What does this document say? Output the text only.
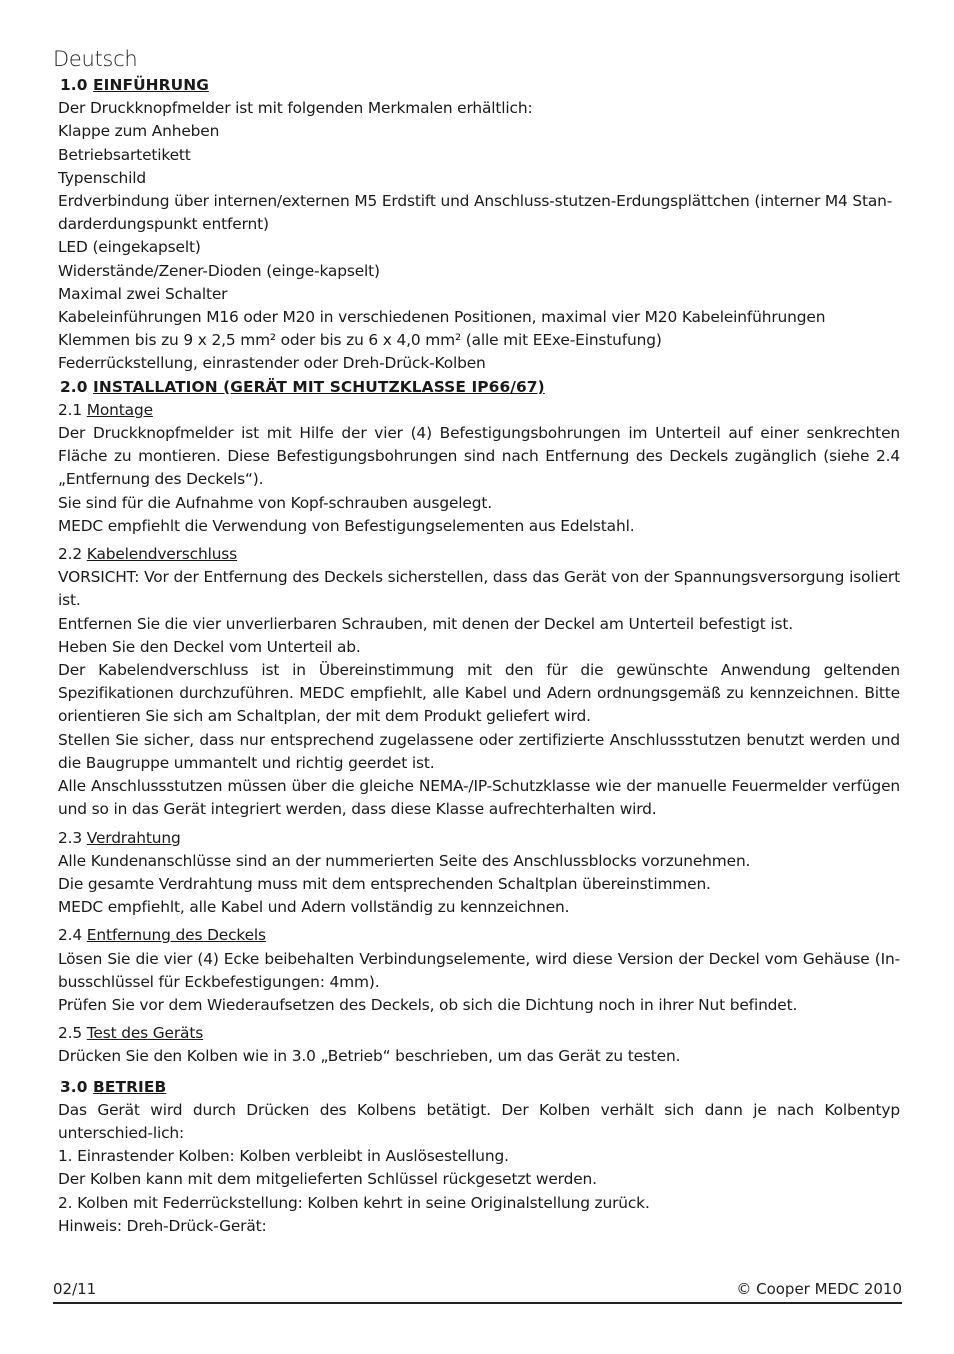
Deutsch

1.0 EINFÜHRUNG

Der Druckknopfmelder ist mit folgenden Merkmalen erhältlich:

Klappe zum Anheben

Betriebsartetikett

Typenschild

Erdverbindung über internen/externen M5 Erdstift und Anschluss-stutzen-Erdungsplättchen (interner M4 Stan-

darderdungspunkt entfernt)

LED (eingekapselt)

Widerstände/Zener-Dioden (einge-kapselt)

Maximal zwei Schalter

Kabeleinführungen M16 oder M20 in verschiedenen Positionen, maximal vier M20 Kabeleinführungen

Klemmen bis zu 9 x 2,5 mm² oder bis zu 6 x 4,0 mm² (alle mit EExe-Einstufung)

Federrückstellung, einrastender oder Dreh-Drück-Kolben

2.0 INSTALLATION (GERÄT MIT SCHUTZKLASSE IP66/67)

2.1 Montage

Der Druckknopfmelder ist mit Hilfe der vier (4) Befestigungsbohrungen im Unterteil auf einer senkrechten Fläche zu montieren. Diese Befestigungsbohrungen sind nach Entfernung des Deckels zugänglich (siehe 2.4 „Entfernung des Deckels“).

Sie sind für die Aufnahme von Kopf-schrauben ausgelegt.

MEDC empfiehlt die Verwendung von Befestigungselementen aus Edelstahl.

2.2 Kabelendverschluss

VORSICHT: Vor der Entfernung des Deckels sicherstellen, dass das Gerät von der Spannungsversorgung isoliert ist.

Entfernen Sie die vier unverlierbaren Schrauben, mit denen der Deckel am Unterteil befestigt ist.

Heben Sie den Deckel vom Unterteil ab.

Der Kabelendverschluss ist in Übereinstimmung mit den für die gewünschte Anwendung geltenden Spezifikationen durchzuführen. MEDC empfiehlt, alle Kabel und Adern ordnungsgemäß zu kennzeichnen. Bitte orientieren Sie sich am Schaltplan, der mit dem Produkt geliefert wird.

Stellen Sie sicher, dass nur entsprechend zugelassene oder zertifizierte Anschlussstutzen benutzt werden und die Baugruppe ummantelt und richtig geerdet ist.

Alle Anschlussstutzen müssen über die gleiche NEMA-/IP-Schutzklasse wie der manuelle Feuermelder verfügen und so in das Gerät integriert werden, dass diese Klasse aufrechterhalten wird.

2.3 Verdrahtung

Alle Kundenanschlüsse sind an der nummerierten Seite des Anschlussblocks vorzunehmen.

Die gesamte Verdrahtung muss mit dem entsprechenden Schaltplan übereinstimmen.

MEDC empfiehlt, alle Kabel und Adern vollständig zu kennzeichnen.

2.4 Entfernung des Deckels

Lösen Sie die vier (4) Ecke beibehalten Verbindungselemente, wird diese Version der Deckel vom Gehäuse (In-busschlüssel für Eckbefestigungen: 4mm).

Prüfen Sie vor dem Wiederaufsetzen des Deckels, ob sich die Dichtung noch in ihrer Nut befindet.

2.5 Test des Geräts

Drücken Sie den Kolben wie in 3.0 „Betrieb“ beschrieben, um das Gerät zu testen.

3.0 BETRIEB

Das Gerät wird durch Drücken des Kolbens betätigt. Der Kolben verhält sich dann je nach Kolbentyp unterschied-lich:

1. Einrastender Kolben: Kolben verbleibt in Auslösestellung.

Der Kolben kann mit dem mitgelieferten Schlüssel rückgesetzt werden.

2. Kolben mit Federrückstellung: Kolben kehrt in seine Originalstellung zurück.

Hinweis: Dreh-Drück-Gerät:

02/11	© Cooper MEDC 2010
